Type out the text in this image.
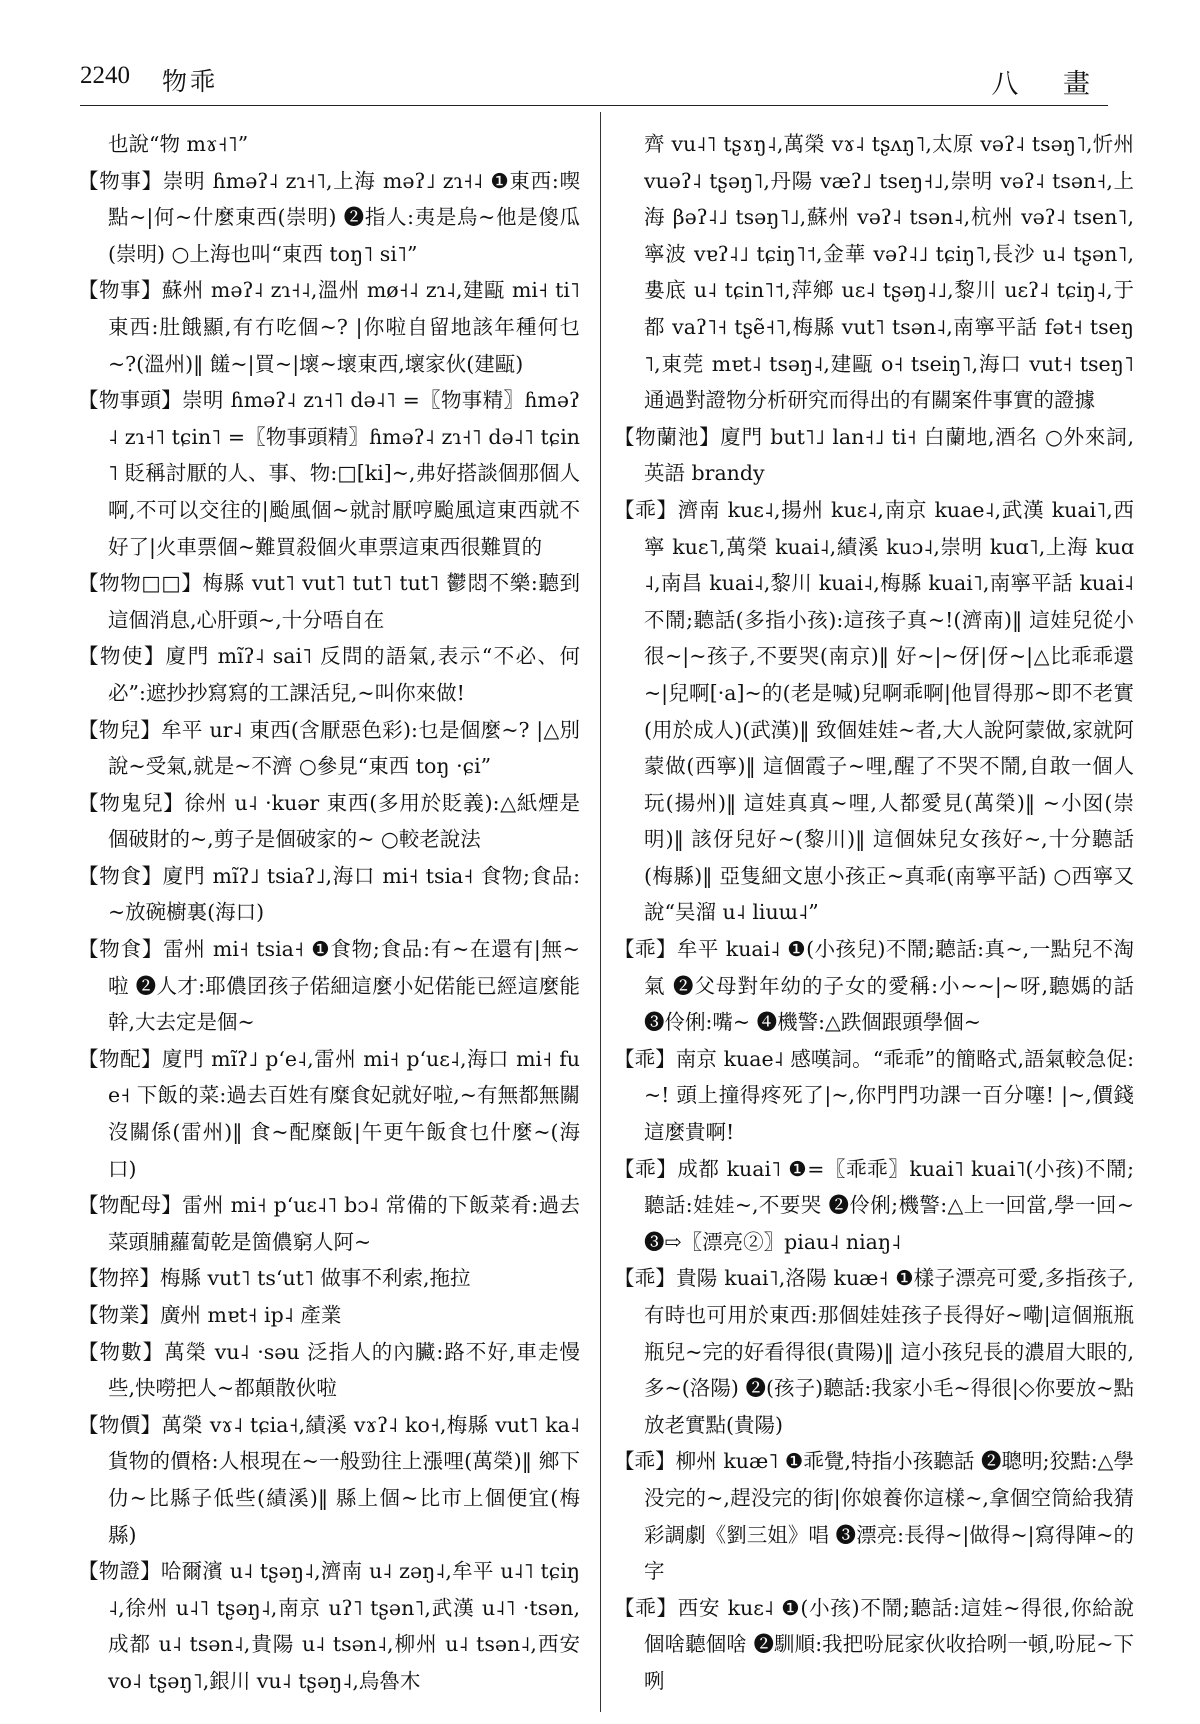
2240 物乖	八 畫

也說“物 mɤ˧˥”

【物事】崇明 ɦməʔ˨ zɿ˧˥,上海 məʔ˩ zɿ˧˨ ❶東西:喫點~|何~什麼東西(崇明) ❷指人:夷是烏~他是傻瓜(崇明) ○上海也叫“東西 toŋ˥ si˥”

【物事】蘇州 məʔ˨ zɿ˧˨,溫州 mø˧˨ zɿ˨,建甌 mi˧ ti˥ 東西:肚餓顯,有冇吃個~? |你啦自留地該年種何乜~?(溫州)‖ 饈~|買~|壞~壞東西,壞家伙(建甌)

【物事頭】崇明 ɦməʔ˨ zɿ˧˥ də˨˥ =〖物事精〗ɦməʔ˨ zɿ˧˥ tɕin˥ =〖物事頭精〗ɦməʔ˨ zɿ˧˥ də˨˥ tɕin˥ 貶稱討厭的人、事、物:□[ki]~,弗好搭談個那個人啊,不可以交往的|颱風個~就討厭哼颱風這東西就不好了|火車票個~難買殺個火車票這東西很難買的

【物物□□】梅縣 vut˥ vut˥ tut˥ tut˥ 鬱悶不樂:聽到這個消息,心肝頭~,十分唔自在

【物使】廈門 mĩʔ˨ sai˥ 反問的語氣,表示“不必、何必”:遮抄抄寫寫的工課活兒,~叫你來做!

【物兒】牟平 ur˨ 東西(含厭惡色彩):乜是個麼~? |△別說~受氣,就是~不濟 ○參見“東西 toŋ ·ɕi”

【物鬼兒】徐州 u˨ ·kuər 東西(多用於貶義):△紙煙是個破財的~,剪子是個破家的~ ○較老說法

【物食】廈門 mĩʔ˩ tsiaʔ˩,海口 mi˧ tsia˧ 食物;食品:~放碗櫥裏(海口)

【物食】雷州 mi˧ tsia˧ ❶食物;食品:有~在還有|無~啦 ❷人才:耶儂囝孩子偌細這麼小妃偌能已經這麼能幹,大去定是個~

【物配】廈門 mĩʔ˩ pʻe˨,雷州 mi˧ pʻuɛ˨,海口 mi˧ fue˧ 下飯的菜:過去百姓有糜食妃就好啦,~有無都無關沒關係(雷州)‖ 食~配糜飯|午更午飯食乜什麼~(海口)

【物配母】雷州 mi˧ pʻuɛ˨˥ bɔ˨ 常備的下飯菜肴:過去菜頭脯蘿蔔乾是箇儂窮人阿~

【物捽】梅縣 vut˥ tsʻut˥ 做事不利索,拖拉

【物業】廣州 mɐt˧ ip˨ 產業

【物數】萬榮 vu˨ ·səu 泛指人的內臟:路不好,車走慢些,快嘮把人~都顛散伙啦

【物價】萬榮 vɤ˨ tɕia˧,績溪 vɤʔ˨ ko˧,梅縣 vut˥ ka˨ 貨物的價格:人根現在~一般勁往上漲哩(萬榮)‖ 鄉下仂~比縣子低些(績溪)‖ 縣上個~比市上個便宜(梅縣)

【物證】哈爾濱 u˨ tʂəŋ˨,濟南 u˨ zəŋ˨,牟平 u˨˥ tɕiŋ˨,徐州 u˨˥ tʂəŋ˨,南京 uʔ˥ tʂən˥,武漢 u˨˥ ·tsən,成都 u˨ tsən˨,貴陽 u˨ tsən˨,柳州 u˨ tsən˨,西安 vo˨ tʂəŋ˥,銀川 vu˨ tʂəŋ˨,烏魯木

齊 vu˨˥ tʂɤŋ˨,萬榮 vɤ˨ tʂʌŋ˥,太原 vəʔ˨ tsəŋ˥,忻州 vuəʔ˨ tʂəŋ˥,丹陽 væʔ˩ tseŋ˧˩,崇明 vəʔ˨ tsən˧,上海 βəʔ˨˩ tsəŋ˥˩,蘇州 vəʔ˨ tsən˨,杭州 vəʔ˨ tsen˥,寧波 vɐʔ˨˩ tɕiŋ˥˦,金華 vəʔ˨˩ tɕiŋ˥,長沙 u˨ tʂən˥,婁底 u˨ tɕin˥˦,萍鄉 uɛ˨ tʂəŋ˨˩,黎川 uɛʔ˨ tɕiŋ˨,于都 vaʔ˥˧ tʂẽ˧˥,梅縣 vut˥ tsən˨,南寧平話 fət˧ tseŋ˥,東莞 mɐt˨ tsəŋ˨,建甌 o˧ tseiŋ˥,海口 vut˧ tseŋ˥ 通過對證物分析研究而得出的有關案件事實的證據

【物蘭池】廈門 but˥˩ lan˧˩ ti˧ 白蘭地,酒名 ○外來詞,英語 brandy

【乖】濟南 kuɛ˨,揚州 kuɛ˨,南京 kuae˨,武漢 kuai˥,西寧 kuɛ˥,萬榮 kuai˨,績溪 kuɔ˨,崇明 kuɑ˥,上海 kuɑ˨,南昌 kuai˨,黎川 kuai˨,梅縣 kuai˥,南寧平話 kuai˨ 不鬧;聽話(多指小孩):這孩子真~!(濟南)‖ 這娃兒從小很~|~孩子,不要哭(南京)‖ 好~|~伢|伢~|△比乖乖還~|兒啊[·a]~的(老是喊)兒啊乖啊|他冒得那~即不老實(用於成人)(武漢)‖ 致個娃娃~者,大人說阿蒙做,家就阿蒙做(西寧)‖ 這個霞子~哩,醒了不哭不鬧,自敢一個人玩(揚州)‖ 這娃真真~哩,人都愛見(萬榮)‖ ~小囡(崇明)‖ 該伢兒好~(黎川)‖ 這個妹兒女孩好~,十分聽話(梅縣)‖ 亞隻細文崽小孩正~真乖(南寧平話) ○西寧又說“吴溜 u˨ liuɯ˨”

【乖】牟平 kuai˨ ❶(小孩兒)不鬧;聽話:真~,一點兒不淘氣 ❷父母對年幼的子女的愛稱:小~~|~呀,聽媽的話 ❸伶俐:嘴~ ❹機警:△跌個跟頭學個~

【乖】南京 kuae˨ 感嘆詞。“乖乖”的簡略式,語氣較急促:~! 頭上撞得疼死了|~,你門門功課一百分噻! |~,價錢這麼貴啊!

【乖】成都 kuai˥ ❶=〖乖乖〗kuai˥ kuai˥(小孩)不鬧;聽話:娃娃~,不要哭 ❷伶俐;機警:△上一回當,學一回~ ❸⇨〖漂亮②〗piau˨ niaŋ˨

【乖】貴陽 kuai˥,洛陽 kuæ˧ ❶樣子漂亮可愛,多指孩子,有時也可用於東西:那個娃娃孩子長得好~嘞|這個瓶瓶瓶兒~完的好看得很(貴陽)‖ 這小孩兒長的濃眉大眼的,多~(洛陽) ❷(孩子)聽話:我家小毛~得很|◇你要放~點放老實點(貴陽)

【乖】柳州 kuæ˥ ❶乖覺,特指小孩聽話 ❷聰明;狡黠:△學没完的~,趕没完的街|你娘養你這樣~,拿個空筒給我猜彩調劇《劉三姐》唱 ❸漂亮:長得~|做得~|寫得陣~的字

【乖】西安 kuɛ˨ ❶(小孩)不鬧;聽話:這娃~得很,你給說個啥聽個啥 ❷馴順:我把吩屁家伙收拾咧一頓,吩屁~下咧
